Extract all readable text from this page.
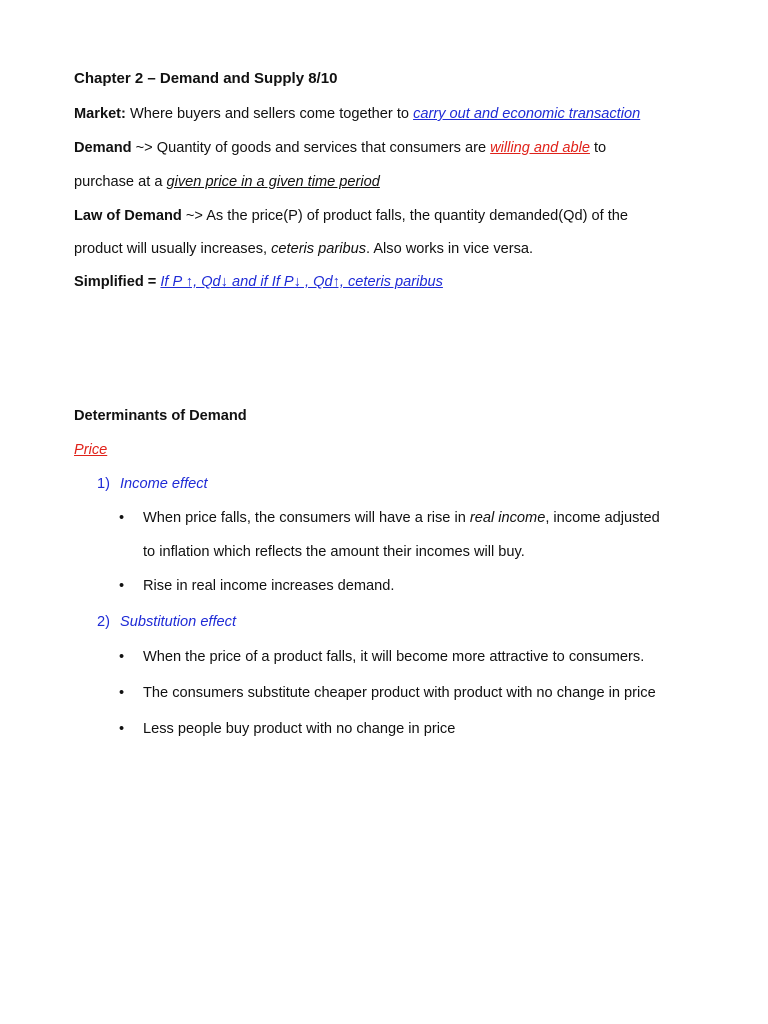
Chapter 2 – Demand and Supply 8/10
Market: Where buyers and sellers come together to carry out and economic transaction
Demand ~> Quantity of goods and services that consumers are willing and able to
purchase at a given price in a given time period
Law of Demand ~> As the price(P) of product falls, the quantity demanded(Qd) of the
product will usually increases, ceteris paribus. Also works in vice versa.
Simplified = If P ↑, Qd↓ and if If P↓ , Qd↑, ceteris paribus
Determinants of Demand
Price
1) Income effect
• When price falls, the consumers will have a rise in real income, income adjusted
to inflation which reflects the amount their incomes will buy.
• Rise in real income increases demand.
2) Substitution effect
• When the price of a product falls, it will become more attractive to consumers.
• The consumers substitute cheaper product with product with no change in price
• Less people buy product with no change in price
